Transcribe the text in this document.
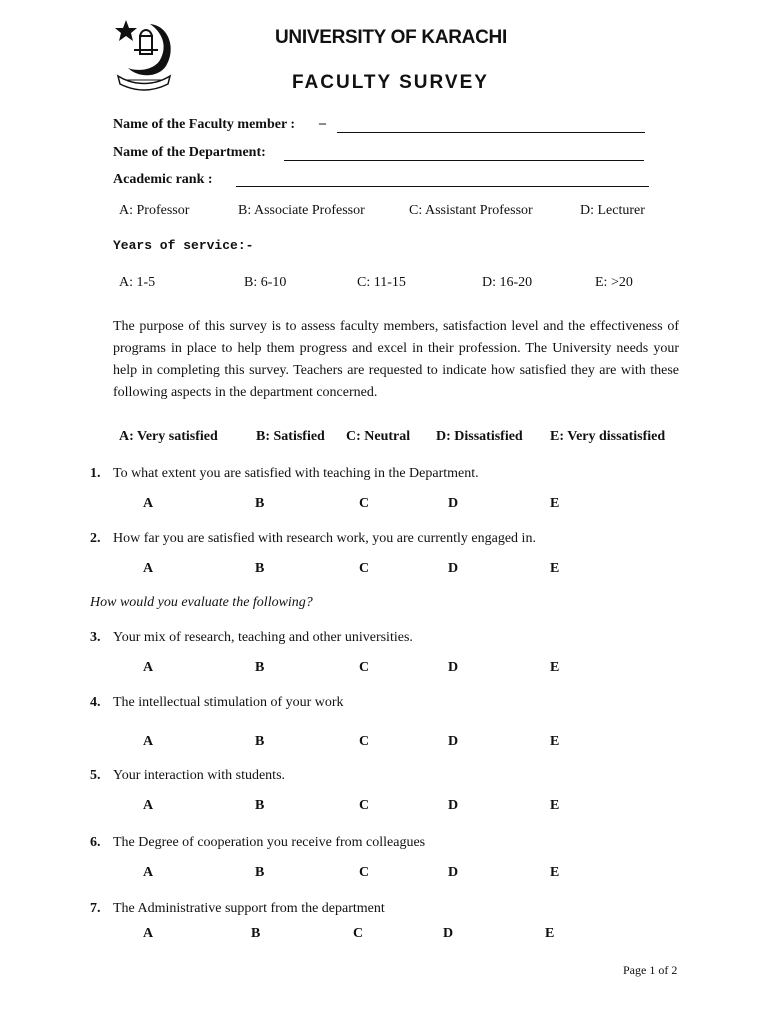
UNIVERSITY OF KARACHI
FACULTY SURVEY
Name of the Faculty member : –
Name of the Department:
Academic rank :
A: Professor	B: Associate Professor	C: Assistant Professor	D: Lecturer
Years of service:-
A: 1-5	B: 6-10	C: 11-15	D: 16-20	E: >20
The purpose of this survey is to assess faculty members, satisfaction level and the effectiveness of programs in place to help them progress and excel in their profession. The University needs your help in completing this survey. Teachers are requested to indicate how satisfied they are with these following aspects in the department concerned.
A: Very satisfied	B: Satisfied C: Neutral D: Dissatisfied E: Very dissatisfied
1. To what extent you are satisfied with teaching in the Department.
A	B	C	D	E
2. How far you are satisfied with research work, you are currently engaged in.
A	B	C	D	E
How would you evaluate the following?
3. Your mix of research, teaching and other universities.
A	B	C	D	E
4. The intellectual stimulation of your work
A	B	C	D	E
5. Your interaction with students.
A	B	C	D	E
6. The Degree of cooperation you receive from colleagues
A	B	C	D	E
7. The Administrative support from the department
A	B	C	D	E
Page 1 of 2
